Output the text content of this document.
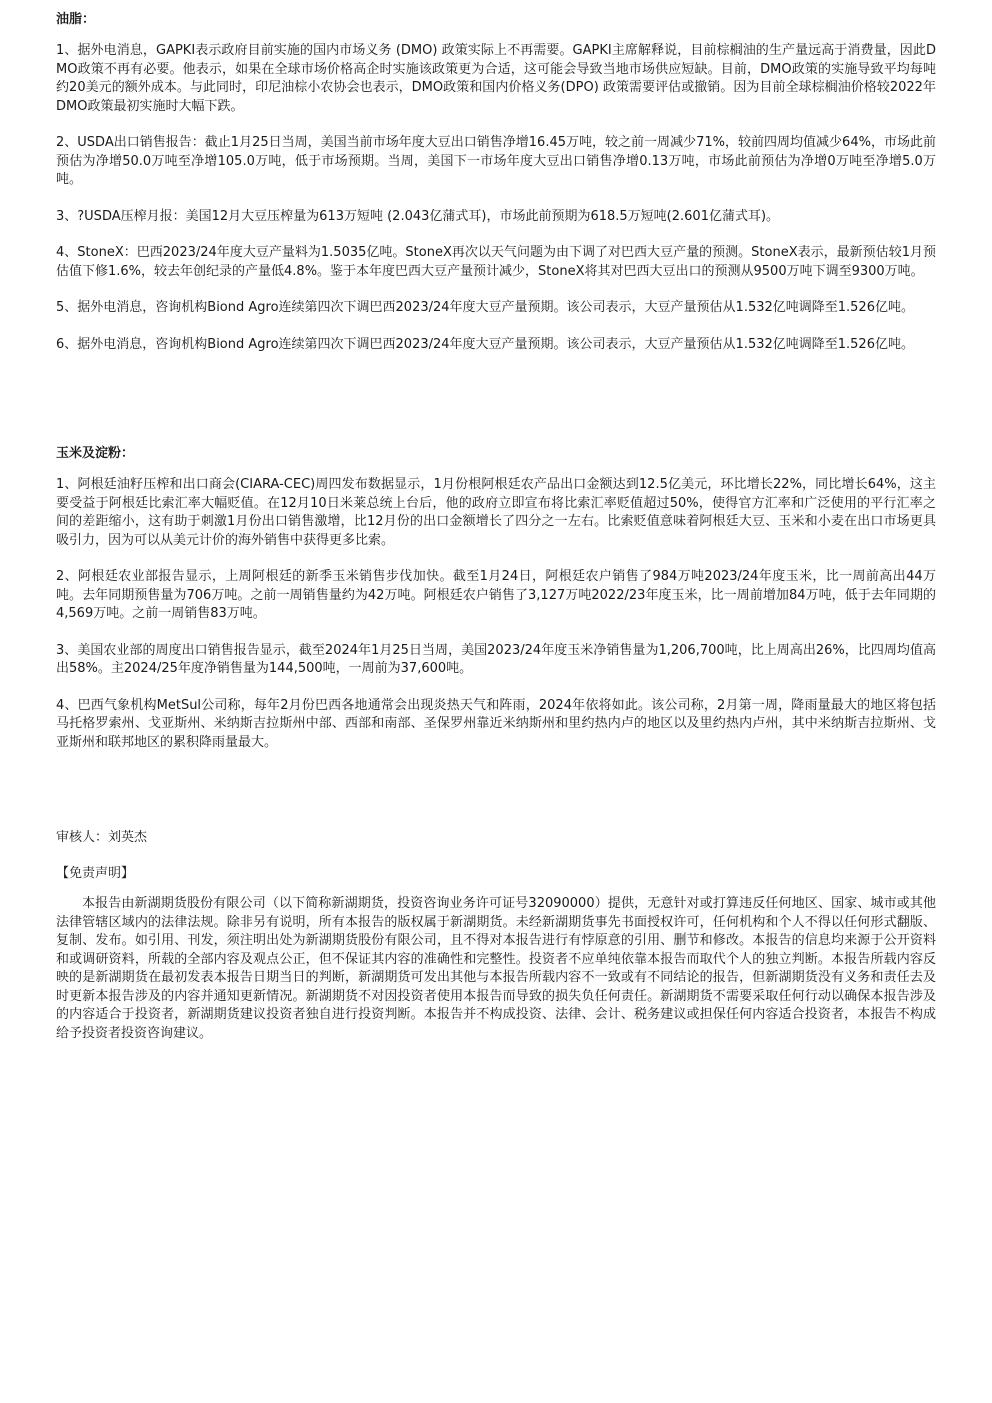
油脂：

1、据外电消息，GAPKI表示政府目前实施的国内市场义务 (DMO) 政策实际上不再需要。GAPKI主席解释说，目前棕榈油的生产量远高于消费量，因此DMO政策不再有必要。他表示，如果在全球市场价格高企时实施该政策更为合适，这可能会导致当地市场供应短缺。目前，DMO政策的实施导致平均每吨约20美元的额外成本。与此同时，印尼油棕小农协会也表示，DMO政策和国内价格义务(DPO) 政策需要评估或撤销。因为目前全球棕榈油价格较2022年DMO政策最初实施时大幅下跌。

2、USDA出口销售报告：截止1月25日当周，美国当前市场年度大豆出口销售净增16.45万吨，较之前一周减少71%，较前四周均值减少64%，市场此前预估为净增50.0万吨至净增105.0万吨，低于市场预期。当周，美国下一市场年度大豆出口销售净增0.13万吨，市场此前预估为净增0万吨至净增5.0万吨。

3、?USDA压榨月报：美国12月大豆压榨量为613万短吨 (2.043亿蒲式耳)，市场此前预期为618.5万短吨(2.601亿蒲式耳)。

4、StoneX：巴西2023/24年度大豆产量料为1.5035亿吨。StoneX再次以天气问题为由下调了对巴西大豆产量的预测。StoneX表示，最新预估较1月预估值下修1.6%，较去年创纪录的产量低4.8%。鉴于本年度巴西大豆产量预计减少，StoneX将其对巴西大豆出口的预测从9500万吨下调至9300万吨。

5、据外电消息，咨询机构Biond Agro连续第四次下调巴西2023/24年度大豆产量预期。该公司表示，大豆产量预估从1.532亿吨调降至1.526亿吨。

6、据外电消息，咨询机构Biond Agro连续第四次下调巴西2023/24年度大豆产量预期。该公司表示，大豆产量预估从1.532亿吨调降至1.526亿吨。

玉米及淀粉：

1、阿根廷油籽压榨和出口商会(CIARA-CEC)周四发布数据显示，1月份根阿根廷农产品出口金额达到12.5亿美元，环比增长22%，同比增长64%，这主要受益于阿根廷比索汇率大幅贬值。在12月10日米莱总统上台后，他的政府立即宣布将比索汇率贬值超过50%，使得官方汇率和广泛使用的平行汇率之间的差距缩小，这有助于刺激1月份出口销售激增，比12月份的出口金额增长了四分之一左右。比索贬值意味着阿根廷大豆、玉米和小麦在出口市场更具吸引力，因为可以从美元计价的海外销售中获得更多比索。

2、阿根廷农业部报告显示，上周阿根廷的新季玉米销售步伐加快。截至1月24日，阿根廷农户销售了984万吨2023/24年度玉米，比一周前高出44万吨。去年同期预售量为706万吨。之前一周销售量约为42万吨。阿根廷农户销售了3,127万吨2022/23年度玉米，比一周前增加84万吨，低于去年同期的4,569万吨。之前一周销售83万吨。

3、美国农业部的周度出口销售报告显示，截至2024年1月25日当周，美国2023/24年度玉米净销售量为1,206,700吨，比上周高出26%，比四周均值高出58%。主2024/25年度净销售量为144,500吨，一周前为37,600吨。

4、巴西气象机构MetSul公司称，每年2月份巴西各地通常会出现炎热天气和阵雨，2024年依将如此。该公司称，2月第一周，降雨量最大的地区将包括马托格罗索州、戈亚斯州、米纳斯吉拉斯州中部、西部和南部、圣保罗州靠近米纳斯州和里约热内卢的地区以及里约热内卢州，其中米纳斯吉拉斯州、戈亚斯州和联邦地区的累积降雨量最大。

审核人：刘英杰
【免责声明】

本报告由新湖期货股份有限公司（以下简称新湖期货，投资咨询业务许可证号32090000）提供，无意针对或打算违反任何地区、国家、城市或其他法律管辖区域内的法律法规。除非另有说明，所有本报告的版权属于新湖期货。未经新湖期货事先书面授权许可，任何机构和个人不得以任何形式翻版、复制、发布。如引用、刊发，须注明出处为新湖期货股份有限公司，且不得对本报告进行有悖原意的引用、删节和修改。本报告的信息均来源于公开资料和或调研资料，所载的全部内容及观点公正，但不保证其内容的准确性和完整性。投资者不应单纯依靠本报告而取代个人的独立判断。本报告所载内容反映的是新湖期货在最初发表本报告日期当日的判断，新湖期货可发出其他与本报告所载内容不一致或有不同结论的报告，但新湖期货没有义务和责任去及时更新本报告涉及的内容并通知更新情况。新湖期货不对因投资者使用本报告而导致的损失负任何责任。新湖期货不需要采取任何行动以确保本报告涉及的内容适合于投资者，新湖期货建议投资者独自进行投资判断。本报告并不构成投资、法律、会计、税务建议或担保任何内容适合投资者，本报告不构成给予投资者投资咨询建议。
